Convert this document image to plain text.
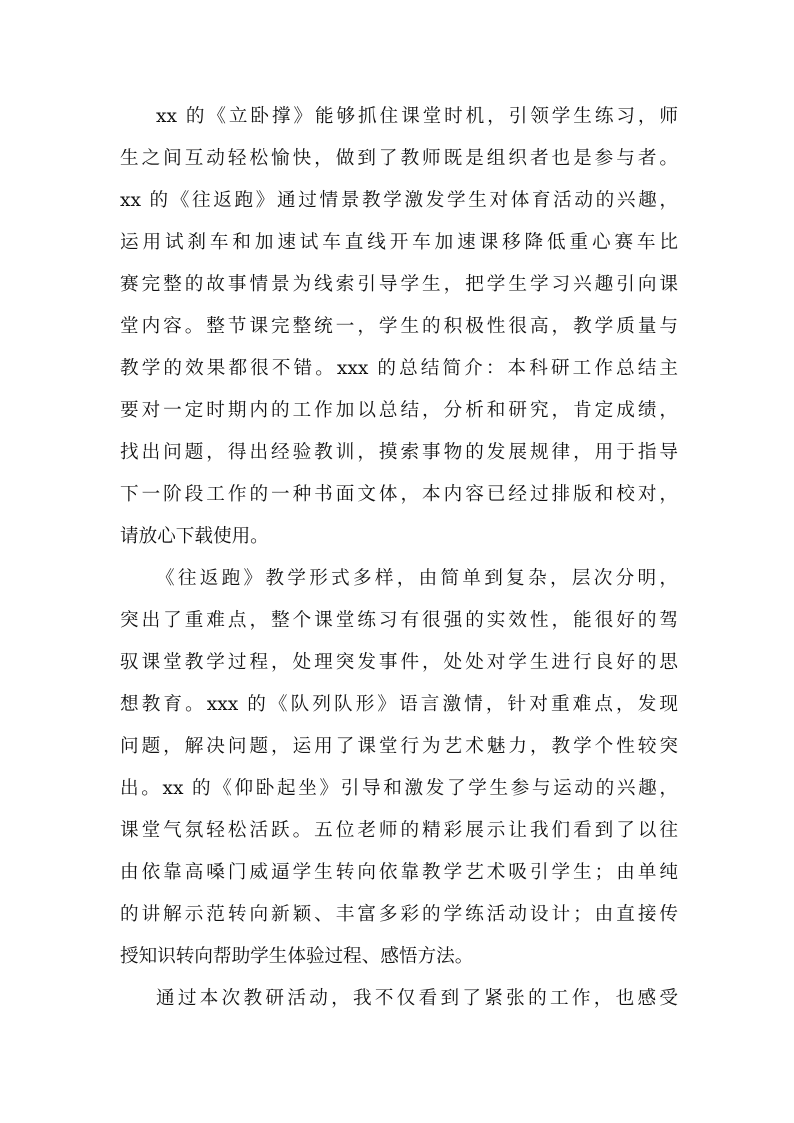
xx 的《立卧撑》能够抓住课堂时机，引领学生练习，师

生之间互动轻松愉快，做到了教师既是组织者也是参与者。

xx 的《往返跑》通过情景教学激发学生对体育活动的兴趣，

运用试刹车和加速试车直线开车加速课移降低重心赛车比

赛完整的故事情景为线索引导学生，把学生学习兴趣引向课

堂内容。整节课完整统一，学生的积极性很高，教学质量与

教学的效果都很不错。xxx 的总结简介：本科研工作总结主

要对一定时期内的工作加以总结，分析和研究，肯定成绩，

找出问题，得出经验教训，摸索事物的发展规律，用于指导

下一阶段工作的一种书面文体，本内容已经过排版和校对，

请放心下载使用。

《往返跑》教学形式多样，由简单到复杂，层次分明，

突出了重难点，整个课堂练习有很强的实效性，能很好的驾

驭课堂教学过程，处理突发事件，处处对学生进行良好的思

想教育。xxx 的《队列队形》语言激情，针对重难点，发现

问题，解决问题，运用了课堂行为艺术魅力，教学个性较突

出。xx 的《仰卧起坐》引导和激发了学生参与运动的兴趣，

课堂气氛轻松活跃。五位老师的精彩展示让我们看到了以往

由依靠高嗓门威逼学生转向依靠教学艺术吸引学生；由单纯

的讲解示范转向新颖、丰富多彩的学练活动设计；由直接传

授知识转向帮助学生体验过程、感悟方法。

通过本次教研活动，我不仅看到了紧张的工作，也感受
